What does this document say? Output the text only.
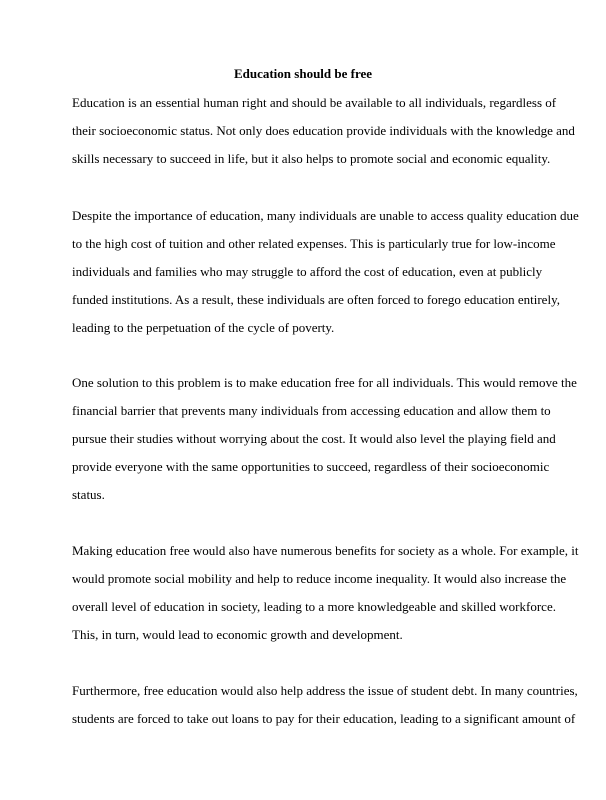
Education should be free

Education is an essential human right and should be available to all individuals, regardless of
their socioeconomic status. Not only does education provide individuals with the knowledge and
skills necessary to succeed in life, but it also helps to promote social and economic equality.

Despite the importance of education, many individuals are unable to access quality education due
to the high cost of tuition and other related expenses. This is particularly true for low-income
individuals and families who may struggle to afford the cost of education, even at publicly
funded institutions. As a result, these individuals are often forced to forego education entirely,
leading to the perpetuation of the cycle of poverty.

One solution to this problem is to make education free for all individuals. This would remove the
financial barrier that prevents many individuals from accessing education and allow them to
pursue their studies without worrying about the cost. It would also level the playing field and
provide everyone with the same opportunities to succeed, regardless of their socioeconomic
status.

Making education free would also have numerous benefits for society as a whole. For example, it
would promote social mobility and help to reduce income inequality. It would also increase the
overall level of education in society, leading to a more knowledgeable and skilled workforce.
This, in turn, would lead to economic growth and development.

Furthermore, free education would also help address the issue of student debt. In many countries,
students are forced to take out loans to pay for their education, leading to a significant amount of
